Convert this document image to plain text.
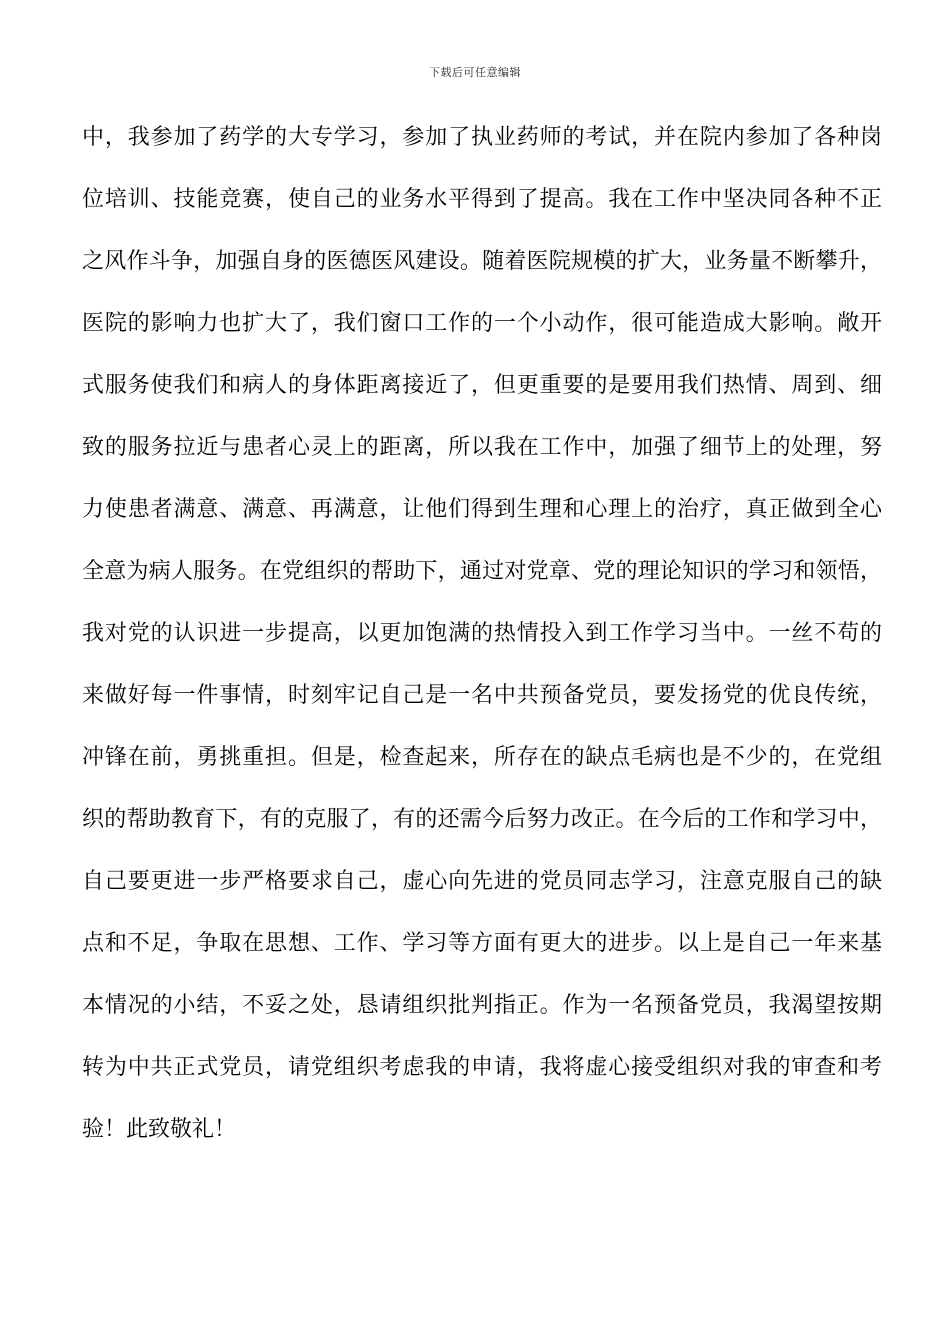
下载后可任意编辑
中，我参加了药学的大专学习，参加了执业药师的考试，并在院内参加了各种岗
位培训、技能竞赛，使自己的业务水平得到了提高。我在工作中坚决同各种不正
之风作斗争，加强自身的医德医风建设。随着医院规模的扩大，业务量不断攀升，
医院的影响力也扩大了，我们窗口工作的一个小动作，很可能造成大影响。敞开
式服务使我们和病人的身体距离接近了，但更重要的是要用我们热情、周到、细
致的服务拉近与患者心灵上的距离，所以我在工作中，加强了细节上的处理，努
力使患者满意、满意、再满意，让他们得到生理和心理上的治疗，真正做到全心
全意为病人服务。在党组织的帮助下，通过对党章、党的理论知识的学习和领悟，
我对党的认识进一步提高，以更加饱满的热情投入到工作学习当中。一丝不苟的
来做好每一件事情，时刻牢记自己是一名中共预备党员，要发扬党的优良传统，
冲锋在前，勇挑重担。但是，检查起来，所存在的缺点毛病也是不少的，在党组
织的帮助教育下，有的克服了，有的还需今后努力改正。在今后的工作和学习中，
自己要更进一步严格要求自己，虚心向先进的党员同志学习，注意克服自己的缺
点和不足，争取在思想、工作、学习等方面有更大的进步。以上是自己一年来基
本情况的小结，不妥之处，恳请组织批判指正。作为一名预备党员，我渴望按期
转为中共正式党员，请党组织考虑我的申请，我将虚心接受组织对我的审查和考
验！此致敬礼！
